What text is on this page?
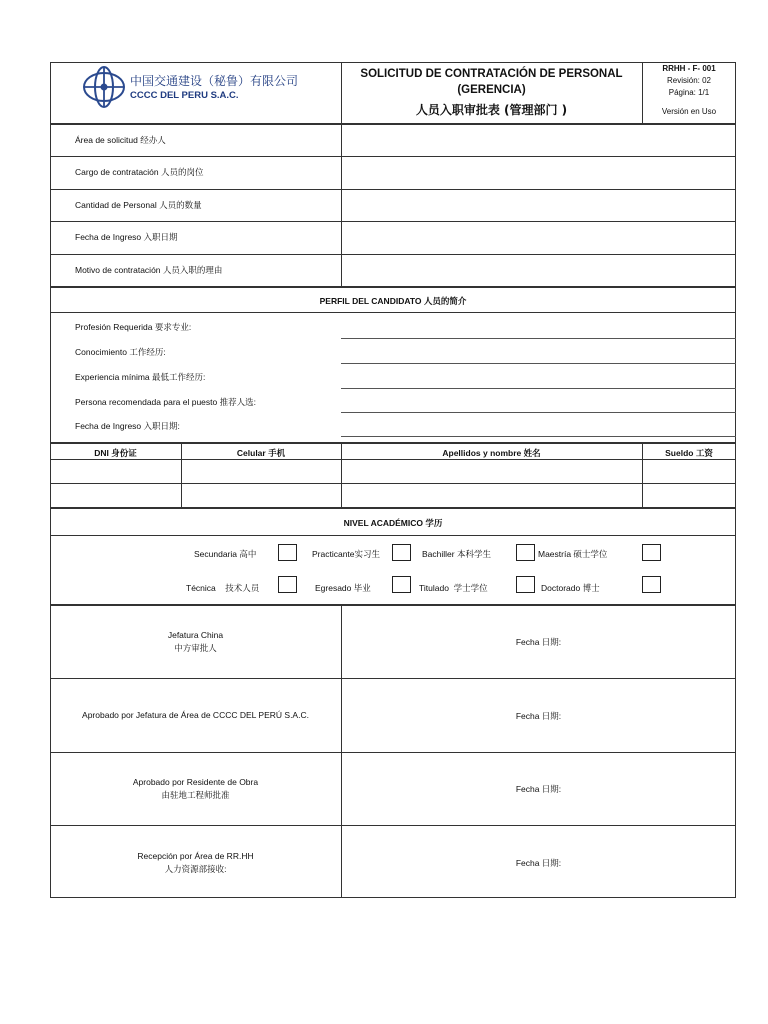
中国交通建设（秘鲁）有限公司
CCCC DEL PERU S.A.C.
SOLICITUD DE CONTRATACIÓN DE PERSONAL
(GERENCIA)
人员入职审批表 (管理部门 )
RRHH - F- 001
Revisión: 02
Página: 1/1
Versión en Uso
Área de solicitud 经办人
Cargo de contratación 人员的岗位
Cantidad de Personal 人员的数量
Fecha de Ingreso 入职日期
Motivo de contratación 人员入职的理由
PERFIL DEL CANDIDATO 人员的简介
Profesión Requerida 要求专业:
Conocimiento 工作经历:
Experiencia mínima 最低工作经历:
Persona recomendada para el puesto 推荐人选:
Fecha de Ingreso 入职日期:
DNI 身份证	Celular 手机	Apellidos y nombre 姓名	Sueldo 工资
NIVEL ACADÉMICO 学历
Secundaria 高中	Practicante实习生	Bachiller 本科学生	Maestría 硕士学位
Técnica    技术人员	Egresado 毕业	Titulado  学士学位	Doctorado 博士
Jefatura China
中方审批人
Fecha 日期:
Aprobado por Jefatura de Área de CCCC DEL PERÚ S.A.C.	Fecha 日期:
Aprobado por Residente de Obra
由驻地工程师批准
Fecha 日期:
Recepción por Área de RR.HH
人力资源部接收:
Fecha 日期:
